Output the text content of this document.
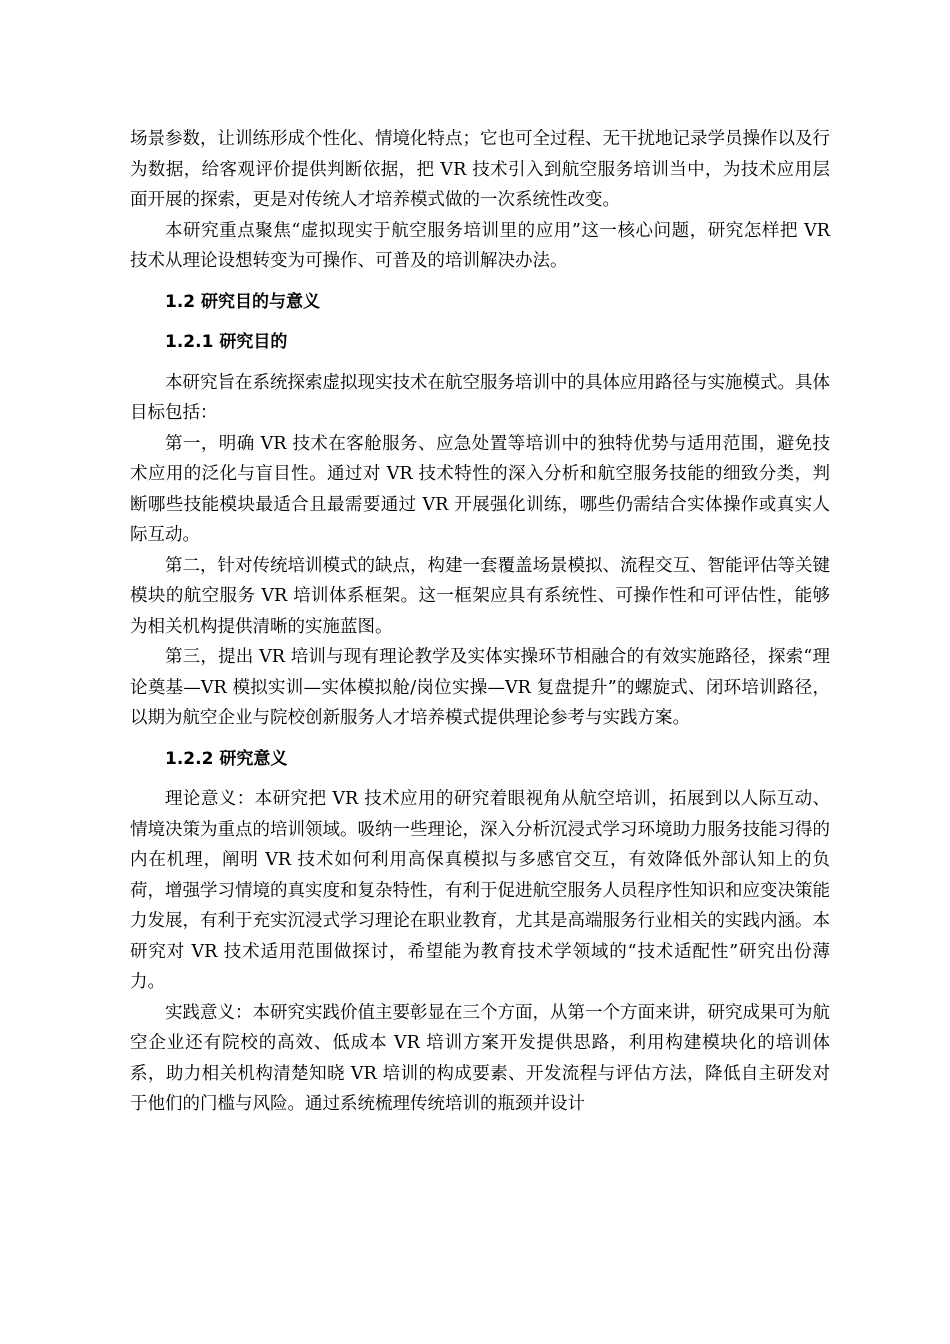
场景参数，让训练形成个性化、情境化特点；它也可全过程、无干扰地记录学员操作以及行为数据，给客观评价提供判断依据，把 VR 技术引入到航空服务培训当中，为技术应用层面开展的探索，更是对传统人才培养模式做的一次系统性改变。

本研究重点聚焦“虚拟现实于航空服务培训里的应用”这一核心问题，研究怎样把 VR 技术从理论设想转变为可操作、可普及的培训解决办法。

1.2 研究目的与意义

1.2.1 研究目的

本研究旨在系统探索虚拟现实技术在航空服务培训中的具体应用路径与实施模式。具体目标包括：

第一，明确 VR 技术在客舱服务、应急处置等培训中的独特优势与适用范围，避免技术应用的泛化与盲目性。通过对 VR 技术特性的深入分析和航空服务技能的细致分类，判断哪些技能模块最适合且最需要通过 VR 开展强化训练，哪些仍需结合实体操作或真实人际互动。

第二，针对传统培训模式的缺点，构建一套覆盖场景模拟、流程交互、智能评估等关键模块的航空服务 VR 培训体系框架。这一框架应具有系统性、可操作性和可评估性，能够为相关机构提供清晰的实施蓝图。

第三，提出 VR 培训与现有理论教学及实体实操环节相融合的有效实施路径，探索“理论奠基—VR 模拟实训—实体模拟舱/岗位实操—VR 复盘提升”的螺旋式、闭环培训路径，以期为航空企业与院校创新服务人才培养模式提供理论参考与实践方案。

1.2.2 研究意义

理论意义：本研究把 VR 技术应用的研究着眼视角从航空培训，拓展到以人际互动、情境决策为重点的培训领域。吸纳一些理论，深入分析沉浸式学习环境助力服务技能习得的内在机理，阐明 VR 技术如何利用高保真模拟与多感官交互，有效降低外部认知上的负荷，增强学习情境的真实度和复杂特性，有利于促进航空服务人员程序性知识和应变决策能力发展，有利于充实沉浸式学习理论在职业教育，尤其是高端服务行业相关的实践内涵。本研究对 VR 技术适用范围做探讨，希望能为教育技术学领域的“技术适配性”研究出份薄力。

实践意义：本研究实践价值主要彰显在三个方面，从第一个方面来讲，研究成果可为航空企业还有院校的高效、低成本 VR 培训方案开发提供思路，利用构建模块化的培训体系，助力相关机构清楚知晓 VR 培训的构成要素、开发流程与评估方法，降低自主研发对于他们的门槛与风险。通过系统梳理传统培训的瓶颈并设计
